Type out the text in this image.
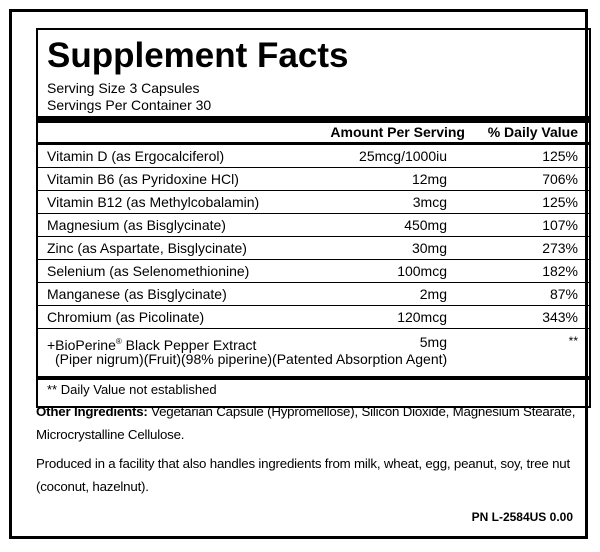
Supplement Facts
Serving Size 3 Capsules
Servings Per Container 30
Amount Per Serving % Daily Value
Vitamin D (as Ergocalciferol)	25mcg/1000iu	125%
Vitamin B6 (as Pyridoxine HCl)	12mg	706%
Vitamin B12 (as Methylcobalamin)	3mcg	125%
Magnesium (as Bisglycinate)	450mg	107%
Zinc (as Aspartate, Bisglycinate)	30mg	273%
Selenium (as Selenomethionine)	100mcg	182%
Manganese (as Bisglycinate)	2mg	87%
Chromium (as Picolinate)	120mcg	343%
+BioPerine® Black Pepper Extract
(Piper nigrum)(Fruit)(98% piperine)(Patented Absorption Agent)
5mg	**
** Daily Value not established
Other Ingredients: Vegetarian Capsule (Hypromellose), Silicon Dioxide, Magnesium Stearate, Microcrystalline Cellulose.
Produced in a facility that also handles ingredients from milk, wheat, egg, peanut, soy, tree nut (coconut, hazelnut).
PN L-2584US 0.00
